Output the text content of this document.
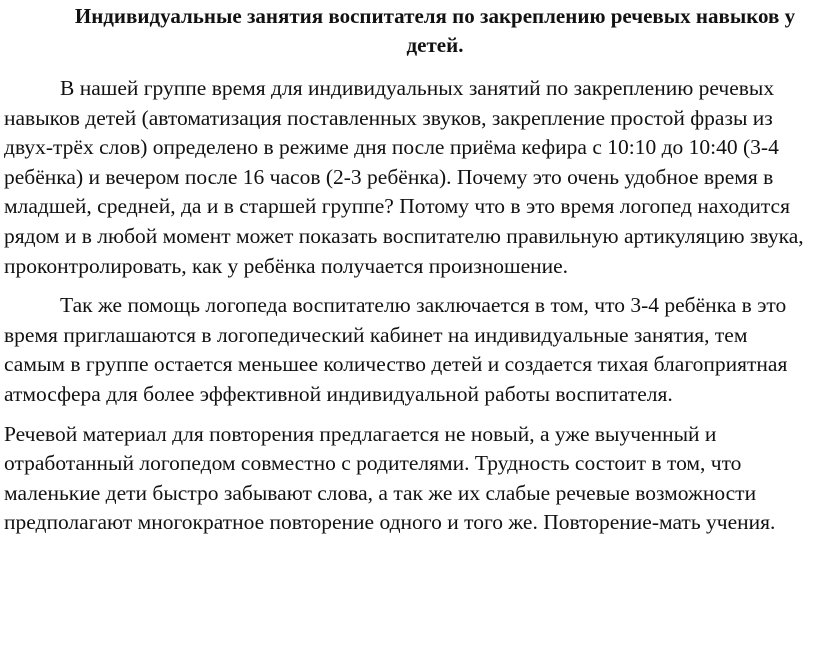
Индивидуальные занятия воспитателя по закреплению речевых навыков у детей.

В нашей группе время для индивидуальных занятий по закреплению речевых навыков детей (автоматизация поставленных звуков, закрепление простой фразы из двух-трёх слов) определено в режиме дня после приёма кефира с 10:10 до 10:40 (3-4 ребёнка) и вечером после 16 часов (2-3 ребёнка). Почему это очень удобное время в младшей, средней, да и в старшей группе? Потому что в это время логопед находится рядом и в любой момент может показать воспитателю правильную артикуляцию звука, проконтролировать, как у ребёнка получается произношение.

Так же помощь логопеда воспитателю заключается в том, что 3-4 ребёнка в это время приглашаются в логопедический кабинет на индивидуальные занятия, тем самым в группе остается меньшее количество детей и создается тихая благоприятная атмосфера для более эффективной индивидуальной работы воспитателя.

Речевой материал для повторения предлагается не новый, а уже выученный и отработанный логопедом совместно с родителями. Трудность состоит в том, что маленькие дети быстро забывают слова, а так же их слабые речевые возможности предполагают многократное повторение одного и того же. Повторение-мать учения.
